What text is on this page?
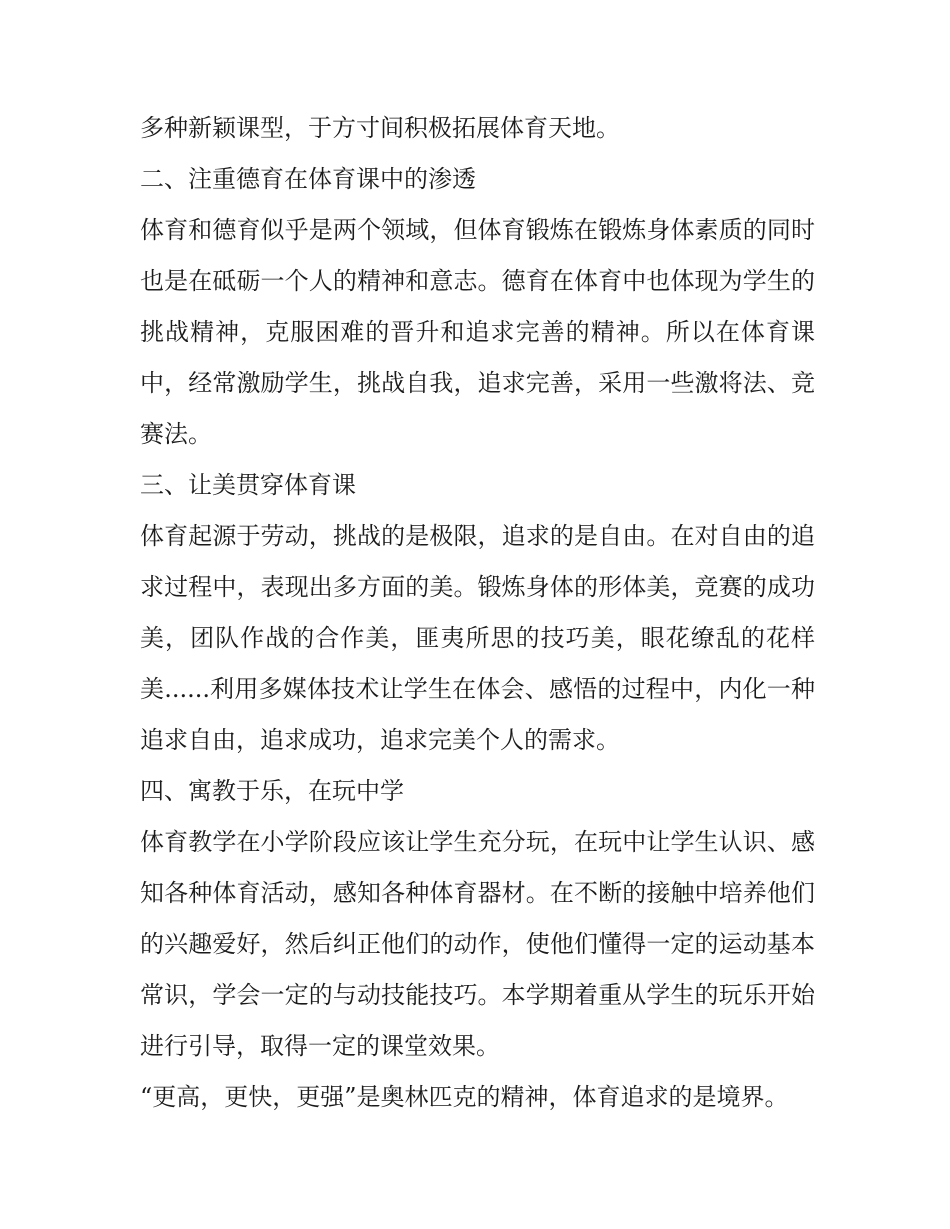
多种新颖课型，于方寸间积极拓展体育天地。

二、注重德育在体育课中的渗透

体育和德育似乎是两个领域，但体育锻炼在锻炼身体素质的同时也是在砥砺一个人的精神和意志。德育在体育中也体现为学生的挑战精神，克服困难的晋升和追求完善的精神。所以在体育课中，经常激励学生，挑战自我，追求完善，采用一些激将法、竞赛法。

三、让美贯穿体育课

体育起源于劳动，挑战的是极限，追求的是自由。在对自由的追求过程中，表现出多方面的美。锻炼身体的形体美，竞赛的成功美，团队作战的合作美，匪夷所思的技巧美，眼花缭乱的花样美......利用多媒体技术让学生在体会、感悟的过程中，内化一种追求自由，追求成功，追求完美个人的需求。

四、寓教于乐，在玩中学

体育教学在小学阶段应该让学生充分玩，在玩中让学生认识、感知各种体育活动，感知各种体育器材。在不断的接触中培养他们的兴趣爱好，然后纠正他们的动作，使他们懂得一定的运动基本常识，学会一定的与动技能技巧。本学期着重从学生的玩乐开始进行引导，取得一定的课堂效果。

“更高，更快，更强”是奥林匹克的精神，体育追求的是境界。
